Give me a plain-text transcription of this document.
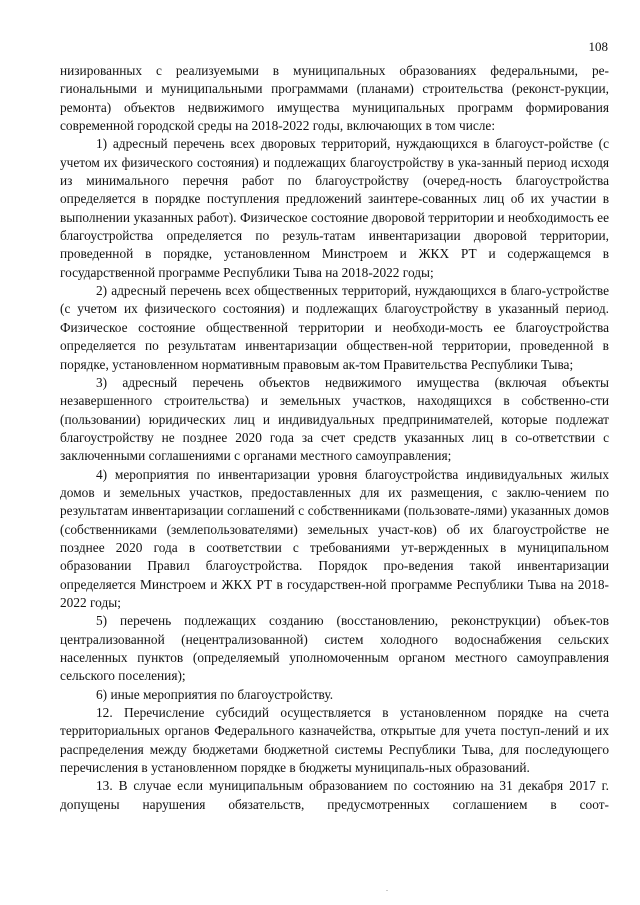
108

низированных с реализуемыми в муниципальных образованиях федеральными, ре-гиональными и муниципальными программами (планами) строительства (реконст-рукции, ремонта) объектов недвижимого имущества муниципальных программ формирования современной городской среды на 2018-2022 годы, включающих в том числе:

1) адресный перечень всех дворовых территорий, нуждающихся в благоуст-ройстве (с учетом их физического состояния) и подлежащих благоустройству в ука-занный период исходя из минимального перечня работ по благоустройству (очеред-ность благоустройства определяется в порядке поступления предложений заинтере-сованных лиц об их участии в выполнении указанных работ). Физическое состояние дворовой территории и необходимость ее благоустройства определяется по резуль-татам инвентаризации дворовой территории, проведенной в порядке, установленном Минстроем и ЖКХ РТ и содержащемся в государственной программе Республики Тыва на 2018-2022 годы;

2) адресный перечень всех общественных территорий, нуждающихся в благо-устройстве (с учетом их физического состояния) и подлежащих благоустройству в указанный период. Физическое состояние общественной территории и необходи-мость ее благоустройства определяется по результатам инвентаризации обществен-ной территории, проведенной в порядке, установленном нормативным правовым ак-том Правительства Республики Тыва;

3) адресный перечень объектов недвижимого имущества (включая объекты незавершенного строительства) и земельных участков, находящихся в собственно-сти (пользовании) юридических лиц и индивидуальных предпринимателей, которые подлежат благоустройству не позднее 2020 года за счет средств указанных лиц в со-ответствии с заключенными соглашениями с органами местного самоуправления;

4) мероприятия по инвентаризации уровня благоустройства индивидуальных жилых домов и земельных участков, предоставленных для их размещения, с заклю-чением по результатам инвентаризации соглашений с собственниками (пользовате-лями) указанных домов (собственниками (землепользователями) земельных участ-ков) об их благоустройстве не позднее 2020 года в соответствии с требованиями ут-вержденных в муниципальном образовании Правил благоустройства. Порядок про-ведения такой инвентаризации определяется Минстроем и ЖКХ РТ в государствен-ной программе Республики Тыва на 2018-2022 годы;

5) перечень подлежащих созданию (восстановлению, реконструкции) объек-тов централизованной (нецентрализованной) систем холодного водоснабжения сельских населенных пунктов (определяемый уполномоченным органом местного самоуправления сельского поселения);

6) иные мероприятия по благоустройству.

12. Перечисление субсидий осуществляется в установленном порядке на счета территориальных органов Федерального казначейства, открытые для учета поступ-лений и их распределения между бюджетами бюджетной системы Республики Тыва, для последующего перечисления в установленном порядке в бюджеты муниципаль-ных образований.

13. В случае если муниципальным образованием по состоянию на 31 декабря 2017 г. допущены нарушения обязательств, предусмотренных соглашением в соот-

.
